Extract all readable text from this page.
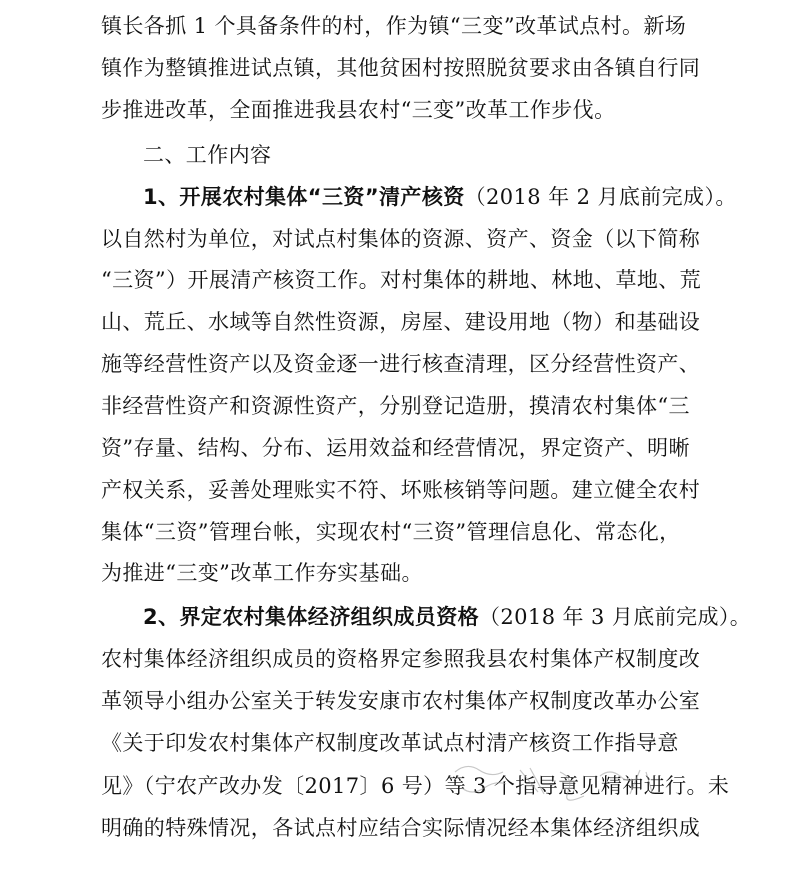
镇长各抓 1 个具备条件的村，作为镇“三变”改革试点村。新场
镇作为整镇推进试点镇，其他贫困村按照脱贫要求由各镇自行同
步推进改革，全面推进我县农村“三变”改革工作步伐。
二、工作内容
1、开展农村集体“三资”清产核资（2018 年 2 月底前完成）。
以自然村为单位，对试点村集体的资源、资产、资金（以下简称
“三资”）开展清产核资工作。对村集体的耕地、林地、草地、荒
山、荒丘、水域等自然性资源，房屋、建设用地（物）和基础设
施等经营性资产以及资金逐一进行核查清理，区分经营性资产、
非经营性资产和资源性资产，分别登记造册，摸清农村集体“三
资”存量、结构、分布、运用效益和经营情况，界定资产、明晰
产权关系，妥善处理账实不符、坏账核销等问题。建立健全农村
集体“三资”管理台帐，实现农村“三资”管理信息化、常态化，
为推进“三变”改革工作夯实基础。
2、界定农村集体经济组织成员资格（2018 年 3 月底前完成）。
农村集体经济组织成员的资格界定参照我县农村集体产权制度改
革领导小组办公室关于转发安康市农村集体产权制度改革办公室
《关于印发农村集体产权制度改革试点村清产核资工作指导意
见》（宁农产改办发〔2017〕6 号）等 3 个指导意见精神进行。未
明确的特殊情况，各试点村应结合实际情况经本集体经济组织成
